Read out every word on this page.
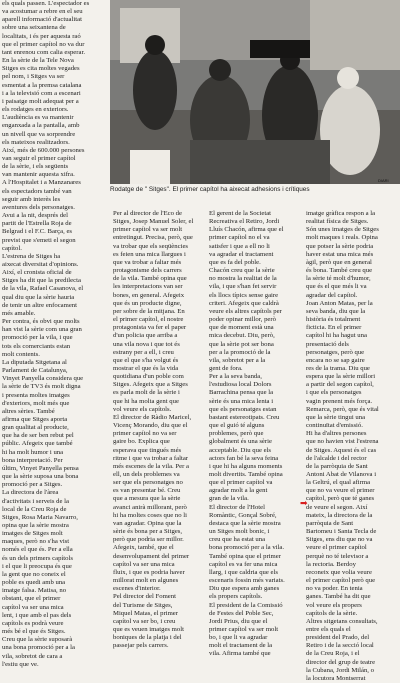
els quals passen. L'espectador es
va acostumar a rebre en el seu
aparell informació d'actualitat
sobre una seixantena de
localitats, i és per aquesta raó
que el primer capítol no va dur
tant enrenou com calia esperar.
En la sèrie de la Tele Nova
Sitges es cita moltes vegades
pel nom, i Sitges va ser
esmentat a la premsa catalana
i a la televisió com a escenari
i paisatge molt adequat per a
els rodatges en exteriors.
L'audiència es va mantenir
enganxada a la pantalla, amb
un nivell que va sorprendre
els mateixos realitzadors.
Així, més de 600.000 persones
van seguir el primer capítol
de la sèrie, i els següents
van mantenir aquesta xifra.
A l'Hospitalet i a Manzanares
els espectadors també van
seguir amb interès les
aventures dels personatges.
Avui a la nit, després del
partit de l'Estrella Roja de
Belgrad i el F.C. Barça, es
previst que s'emeti el segon
capítol.
L'estrena de Sitges ha
aixecat diversitat d'opinions.
Així, el cronista oficial de
Sitges ha dit que la predilecta
de la vila, Rafael Casanova, el
qual diu que la sèrie hauria
de tenir un altre enfocament
més amable.
Per contra, és obvi que molts
han vist la sèrie com una gran
promoció per la vila, i que
tots els comerciants estan
molt contents.
La diputada Sitgetana al
Parlament de Catalunya,
Vinyet Panyella considera que
la sèrie de TV3 és molt digna
i presenta moltes imatges
d'exteriors, molt més que
altres sèries. També
afirma que Sitges aporta
gran qualitat al producte,
que ha de ser ben rebut pel
públic. Afegeix que també
hi ha molt humor i una
bona interpretació. Per
últim, Vinyet Panyella pensa
que la sèrie suposa una bona
promoció per a Sitges.
La directora de l'àrea
d'activitats i serveis de la
local de la Creu Roja de
Sitges, Rosa Maria Navarro,
opina que la sèrie mostra
imatges de Sitges molt
maques, però no s'ha vist
només el que és. Per a ella
és un dels primers capítols
i el que li preocupa és que
la gent que no coneix el
poble es quedi amb una
imatge falsa. Matisa, no
obstant, que el primer
capítol va ser una mica
lent, i que amb el pas dels
capítols es podrà veure
més bé el que és Sitges.
Creu que la sèrie suposarà
una bona promoció per a la
vila, sobretot de cara a
l'estiu que ve.

DIARI
Rodatge de " Sitges". El primer capítol ha aixecat adhesions i crítiques

Per al director de l'Eco de
Sitges, Josep Manuel Soler, el
primer capítol va ser molt
entretingut. Precisa, però, que
va trobar que els seqüències
es feien una mica llargues i
que va trobar a faltar més
protagonisme dels carrers
de la vila. També opina que
les interpretacions van ser
bones, en general. Afegeix
que és un producte digne,
per sobre de la mitjana. En
el primer capítol, el nostre
protagonista va fer el paper
d'un policia que arriba a
una vila nova i que tot és
estrany per a ell, i creu
que el que s'ha volgut és
mostrar el que és la vida
quotidiana d'un poble com
Sitges. Afegeix que a Sitges
es parla molt de la sèrie i
que hi ha molta gent que
vol veure els capítols.
El director de Ràdio Maricel,
Vicenç Morando, diu que el
primer capítol no va ser
gaire bo. Explica que
esperava que tingués més
ritme i que va trobar a faltar
més escenes de la vila. Per a
ell, un dels problemes va
ser que els personatges no
es van presentar bé. Creu
que a mesura que la sèrie
avanci anirà millorant, però
hi ha moltes coses que no li
van agradar. Opina que la
sèrie és bona per a Sitges,
però que podria ser millor.
Afegeix, també, que el
desenvolupament del primer
capítol va ser una mica
fluix, i que es podria haver
millorat molt en algunes
escenes d'interior.
Pel director del Foment
del Turisme de Sitges,
Miquel Matas, el primer
capítol va ser bo, i creu
que es veuen imatges molt
boniques de la platja i del
passejar pels carrers.

El gerent de la Societat
Recreativa el Retiro, Jordi
Lluís Chacón, afirma que el
primer capítol no el va
satisfer i que a ell no li
va agradar el tractament
que es fa del poble.
Chacón creu que la sèrie
no mostra la realitat de la
vila, i que s'han fet servir
els llocs típics sense gaire
criteri. Afegeix que caldrà
veure els altres capítols per
poder opinar millor, però
que de moment està una
mica decebut. Diu, però,
que la sèrie pot ser bona
per a la promoció de la
vila, sobretot per a la
gent de fora.
Per a la seva banda,
l'estudiosa local Dolors
Barrachina pensa que la
sèrie és una mica lenta i
que els personatges estan
bastant estereotipats. Creu
que el guió té alguns
problemes, però que
globalment és una sèrie
acceptable. Diu que els
actors fan bé la seva feina
i que hi ha alguns moments
molt divertits. També opina
que el primer capítol va
agradar molt a la gent
gran de la vila.
El director de l'Hotel
Romàntic, Gonçal Sobré,
destaca que la sèrie mostra
un Sitges molt bonic, i
creu que ha estat una
bona promoció per a la vila.
També opina que el primer
capítol es va fer una mica
llarg, i que caldria que els
escenaris fossin més variats.
Diu que espera amb ganes
els propers capítols.
El president de la Comissió
de Festes del Poble Sec,
Jordi Prius, diu que el
primer capítol va ser molt
bo, i que li va agradar
molt el tractament de la
vila. Afirma també que

imatge gràfica respon a la
realitat física de Sitges.
Són unes imatges de Sitges
molt maques i reals. Opina
que potser la sèrie podria
haver estat una mica més
àgil, però que en general
és bona. També creu que
la sèrie té molt d'humor,
que és el que més li va
agradar del capítol.
Joan Anton Matas, per la
seva banda, diu que la
història és totalment
ficticia. En el primer
capítol hi ha hagut una
presentació dels
personatges, però que
encara no se sap gaire
res de la trama. Diu que
espera que la sèrie millori
a partir del segon capítol,
i que els personatges
vagin prenent més força.
Remarca, però, que és vital
que la sèrie tingui una
continuïtat d'emissió.
Hi ha d'altres persones
que no havien vist l'estrena
de Sitges. Aquest és el cas
de l'alcalde i del rector
de la parròquia de Sant
Antoni Abat de Vilanova i
la Geltrú, el qual afirma
que no va veure el primer
capítol, però que té ganes
de veure el segon. Així
mateix, la directora de la
parròquia de Sant
Bartomeu i Santa Tecla de
Sitges, ens diu que no va
veure el primer capítol
perquè no té televisor a
la rectoria. Berdoy
reconeix que volia veure
el primer capítol però que
no va poder. En tenia
ganes. També ha dit que
vol veure els propers
capítols de la sèrie.
Altres sitgetans consultats,
entre els quals el
president del Prado, del
Retiro i de la secció local
de la Creu Roja, i el
director del grup de teatre
la Cubana, Jordi Milán, o
la locutora Montserrat

➡
